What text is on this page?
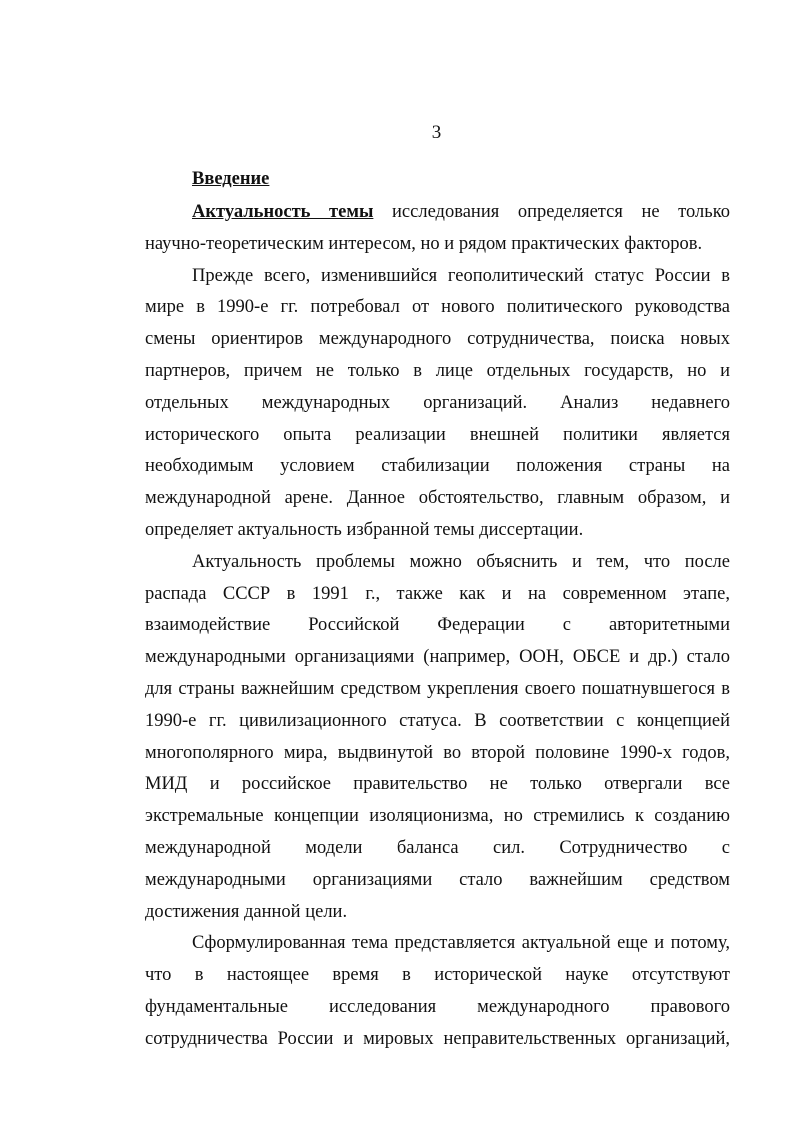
3
Введение
Актуальность темы исследования определяется не только
научно-теоретическим интересом, но и рядом практических факторов.
Прежде всего, изменившийся геополитический статус России в
мире в 1990-е гг. потребовал от нового политического руководства
смены ориентиров международного сотрудничества, поиска новых
партнеров, причем не только в лице отдельных государств, но и
отдельных международных организаций. Анализ недавнего
исторического опыта реализации внешней политики является
необходимым условием стабилизации положения страны на
международной арене. Данное обстоятельство, главным образом, и
определяет актуальность избранной темы диссертации.
Актуальность проблемы можно объяснить и тем, что после
распада СССР в 1991 г., также как и на современном этапе,
взаимодействие Российской Федерации с авторитетными
международными организациями (например, ООН, ОБСЕ и др.) стало
для страны важнейшим средством укрепления своего пошатнувшегося в
1990-е гг. цивилизационного статуса. В соответствии с концепцией
многополярного мира, выдвинутой во второй половине 1990-х годов,
МИД и российское правительство не только отвергали все
экстремальные концепции изоляционизма, но стремились к созданию
международной модели баланса сил. Сотрудничество с
международными организациями стало важнейшим средством
достижения данной цели.
Сформулированная тема представляется актуальной еще и потому,
что в настоящее время в исторической науке отсутствуют
фундаментальные исследования международного правового
сотрудничества России и мировых неправительственных организаций,
